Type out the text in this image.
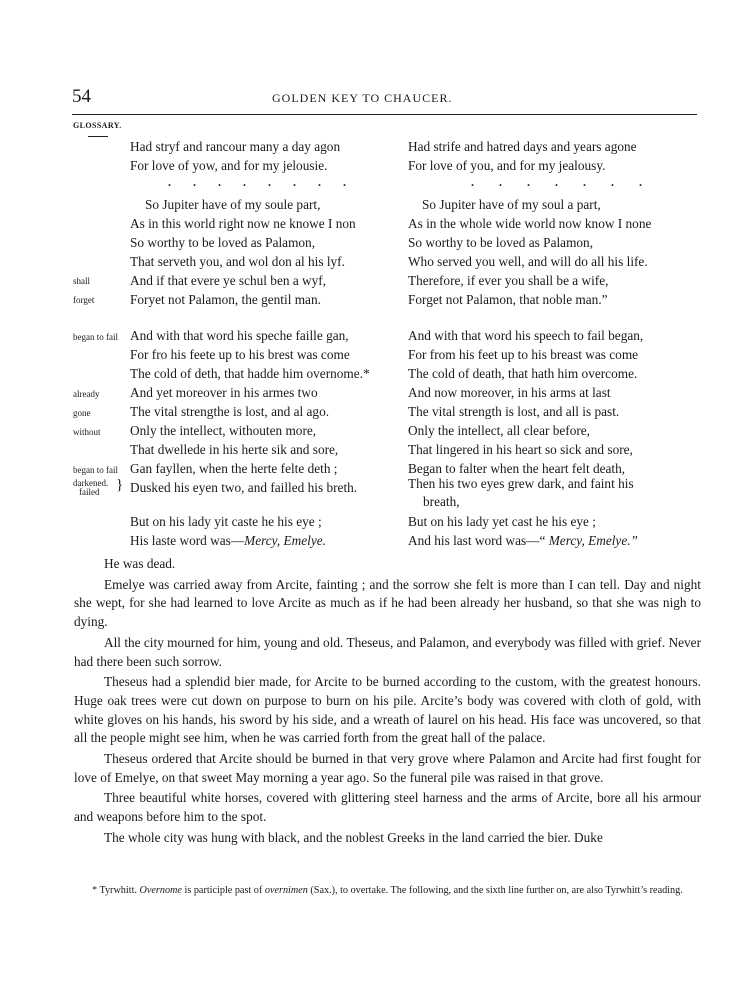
54	GOLDEN KEY TO CHAUCER.
GLOSSARY.
Had stryf and rancour many a day agon
For love of yow, and for my jelousie.
Had strife and hatred days and years agone
For love of you, and for my jealousy.
. . . . . . . .	. . . . . . .
So Jupiter have of my soule part,
As in this world right now ne knowe I non
So worthy to be loved as Palamon,
That serveth you, and wol don al his lyf.
And if that evere ye schul ben a wyf,
Foryet not Palamon, the gentil man.
So Jupiter have of my soul a part,
As in the whole wide world now know I none
So worthy to be loved as Palamon,
Who served you well, and will do all his life.
Therefore, if ever you shall be a wife,
Forget not Palamon, that noble man.”
shall
forget
And with that word his speche faille gan,
For fro his feete up to his brest was come
The cold of deth, that hadde him overnome.*
And yet moreover in his armes two
The vital strengthe is lost, and al ago.
Only the intellect, withouten more,
That dwellede in his herte sik and sore,
Gan fayllen, when the herte felte deth ;
Dusked his eyen two, and failled his breth.
And with that word his speech to fail began,
For from his feet up to his breast was come
The cold of death, that hath him overcome.
And now moreover, in his arms at last
The vital strength is lost, and all is past.
Only the intellect, all clear before,
That lingered in his heart so sick and sore,
Began to falter when the heart felt death,
Then his two eyes grew dark, and faint his
breath,
began to fail
already
gone
without
began to fail
darkened.
failed }
But on his lady yit caste he his eye ;
His laste word was—Mercy, Emelye.
But on his lady yet cast he his eye ;
And his last word was—“ Mercy, Emelye.”

He was dead.

Emelye was carried away from Arcite, fainting ; and the sorrow she felt is more than I can tell. Day and night she wept, for she had learned to love Arcite as much as if he had been already her husband, so that she was nigh to dying.

All the city mourned for him, young and old. Theseus, and Palamon, and everybody was filled with grief. Never had there been such sorrow.

Theseus had a splendid bier made, for Arcite to be burned according to the custom, with the greatest honours. Huge oak trees were cut down on purpose to burn on his pile. Arcite’s body was covered with cloth of gold, with white gloves on his hands, his sword by his side, and a wreath of laurel on his head. His face was uncovered, so that all the people might see him, when he was carried forth from the great hall of the palace.

Theseus ordered that Arcite should be burned in that very grove where Palamon and Arcite had first fought for love of Emelye, on that sweet May morning a year ago. So the funeral pile was raised in that grove.

Three beautiful white horses, covered with glittering steel harness and the arms of Arcite, bore all his armour and weapons before him to the spot.

The whole city was hung with black, and the noblest Greeks in the land carried the bier. Duke

* Tyrwhitt. Overnome is participle past of overnimen (Sax.), to overtake. The following, and the sixth line further on, are also Tyrwhitt’s reading.
